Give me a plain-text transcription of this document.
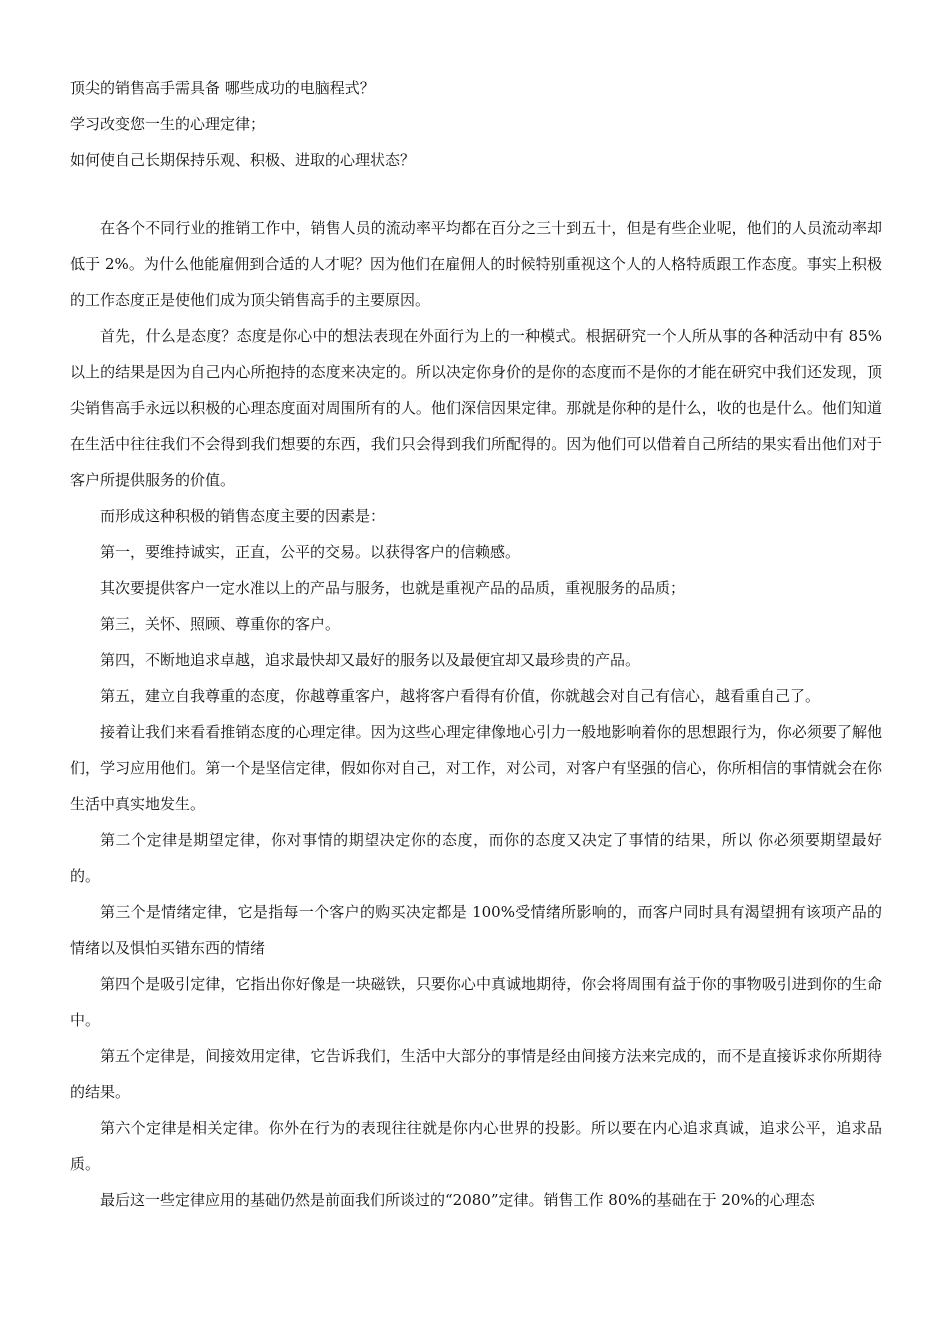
顶尖的销售高手需具备 哪些成功的电脑程式？
学习改变您一生的心理定律；
如何使自己长期保持乐观、积极、进取的心理状态？

在各个不同行业的推销工作中，销售人员的流动率平均都在百分之三十到五十，但是有些企业呢，他们的人员流动率却低于 2%。为什么他能雇佣到合适的人才呢？因为他们在雇佣人的时候特别重视这个人的人格特质跟工作态度。事实上积极的工作态度正是使他们成为顶尖销售高手的主要原因。

首先，什么是态度？态度是你心中的想法表现在外面行为上的一种模式。根据研究一个人所从事的各种活动中有 85%以上的结果是因为自己内心所抱持的态度来决定的。所以决定你身价的是你的态度而不是你的才能在研究中我们还发现，顶尖销售高手永远以积极的心理态度面对周围所有的人。他们深信因果定律。那就是你种的是什么，收的也是什么。他们知道在生活中往往我们不会得到我们想要的东西，我们只会得到我们所配得的。因为他们可以借着自己所结的果实看出他们对于客户所提供服务的价值。

而形成这种积极的销售态度主要的因素是：

第一，要维持诚实，正直，公平的交易。以获得客户的信赖感。

其次要提供客户一定水准以上的产品与服务，也就是重视产品的品质，重视服务的品质；

第三，关怀、照顾、尊重你的客户。

第四，不断地追求卓越，追求最快却又最好的服务以及最便宜却又最珍贵的产品。

第五，建立自我尊重的态度，你越尊重客户，越将客户看得有价值，你就越会对自己有信心，越看重自己了。

接着让我们来看看推销态度的心理定律。因为这些心理定律像地心引力一般地影响着你的思想跟行为，你必须要了解他们，学习应用他们。第一个是坚信定律，假如你对自己，对工作，对公司，对客户有坚强的信心，你所相信的事情就会在你生活中真实地发生。

第二个定律是期望定律，你对事情的期望决定你的态度，而你的态度又决定了事情的结果，所以 你必须要期望最好的。

第三个是情绪定律，它是指每一个客户的购买决定都是 100%受情绪所影响的，而客户同时具有渴望拥有该项产品的情绪以及惧怕买错东西的情绪

第四个是吸引定律，它指出你好像是一块磁铁，只要你心中真诚地期待，你会将周围有益于你的事物吸引进到你的生命中。

第五个定律是，间接效用定律，它告诉我们，生活中大部分的事情是经由间接方法来完成的，而不是直接诉求你所期待的结果。

第六个定律是相关定律。你外在行为的表现往往就是你内心世界的投影。所以要在内心追求真诚，追求公平，追求品质。

最后这一些定律应用的基础仍然是前面我们所谈过的“2080”定律。销售工作 80%的基础在于 20%的心理态
